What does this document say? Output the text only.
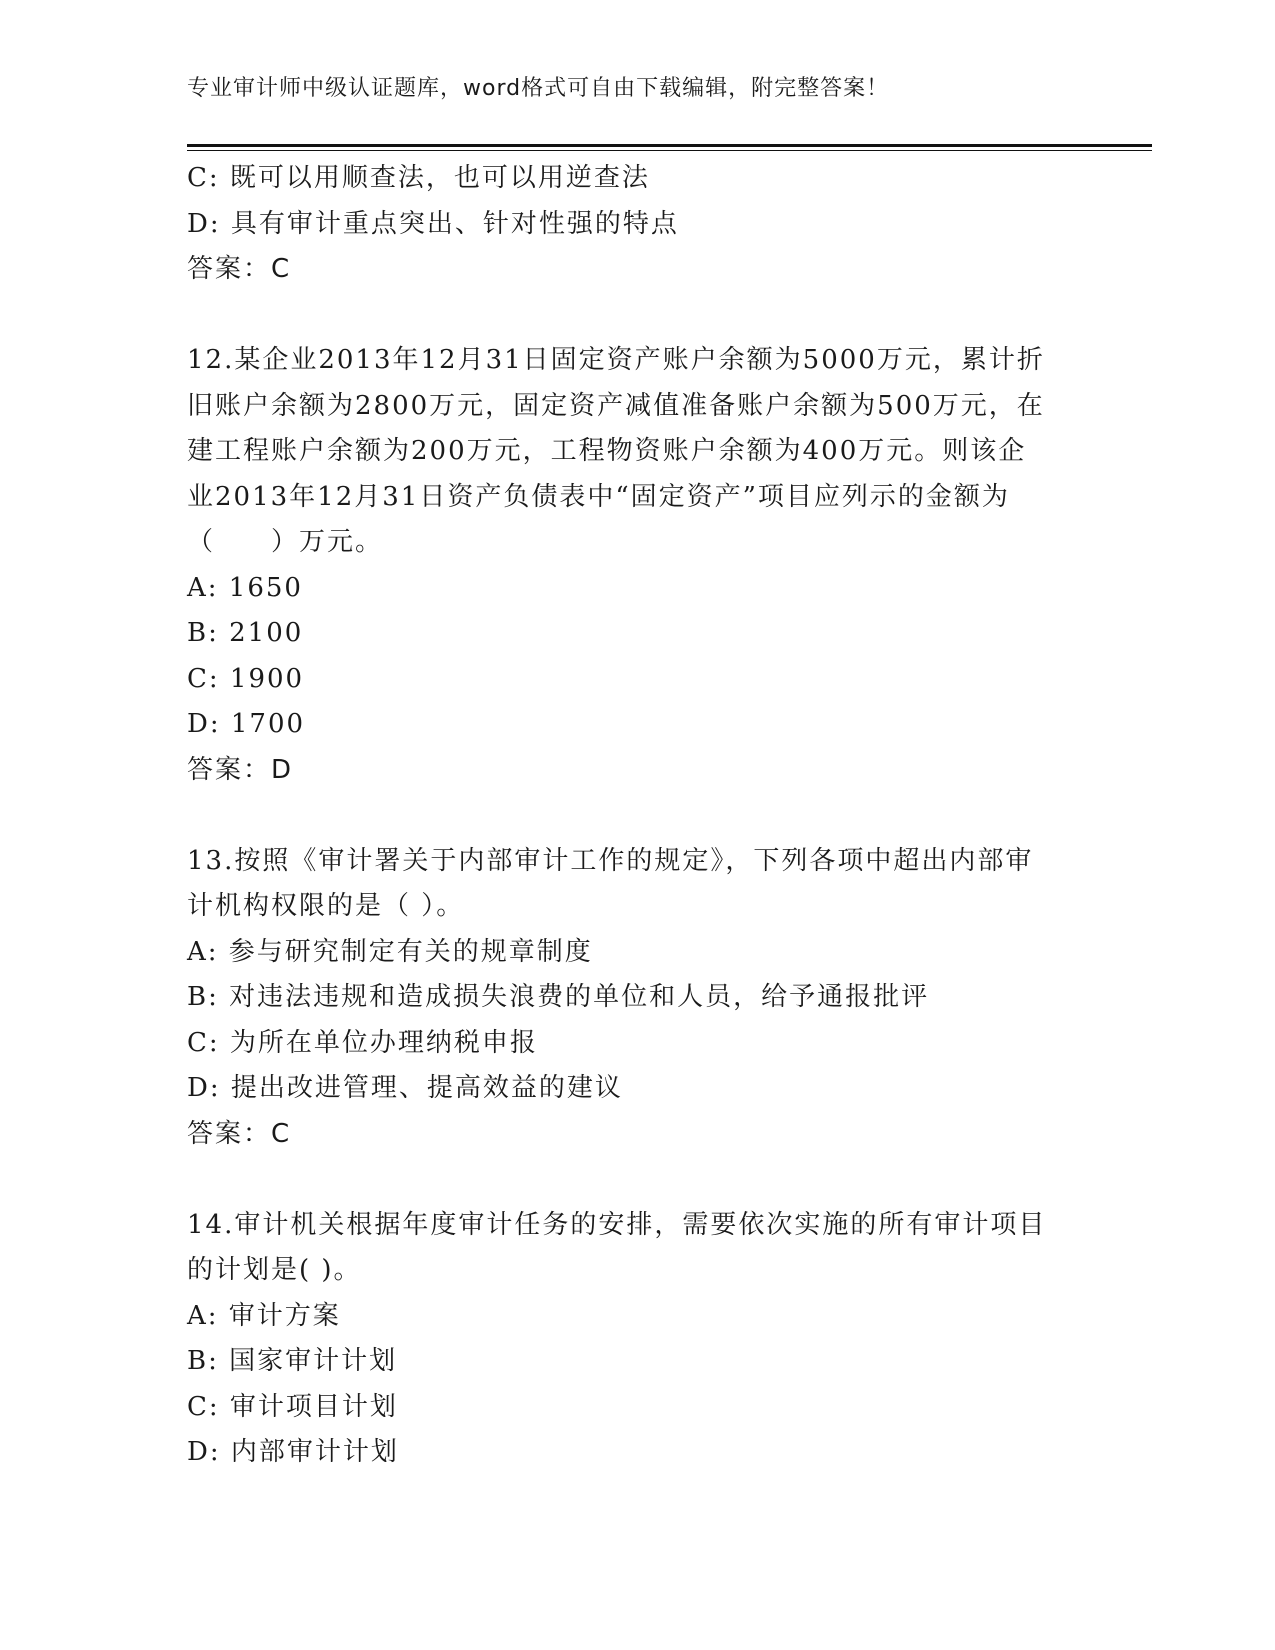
专业审计师中级认证题库，word格式可自由下载编辑，附完整答案！

C: 既可以用顺查法，也可以用逆查法

D: 具有审计重点突出、针对性强的特点

答案：C

12.某企业2013年12月31日固定资产账户余额为5000万元，累计折

旧账户余额为2800万元，固定资产减值准备账户余额为500万元，在

建工程账户余额为200万元，工程物资账户余额为400万元。则该企

业2013年12月31日资产负债表中“固定资产”项目应列示的金额为

（　　）万元。

A: 1650

B: 2100

C: 1900

D: 1700

答案：D

13.按照《审计署关于内部审计工作的规定》，下列各项中超出内部审

计机构权限的是（ ）。

A: 参与研究制定有关的规章制度

B: 对违法违规和造成损失浪费的单位和人员，给予通报批评

C: 为所在单位办理纳税申报

D: 提出改进管理、提高效益的建议

答案：C

14.审计机关根据年度审计任务的安排，需要依次实施的所有审计项目

的计划是( )。

A: 审计方案

B: 国家审计计划

C: 审计项目计划

D: 内部审计计划
